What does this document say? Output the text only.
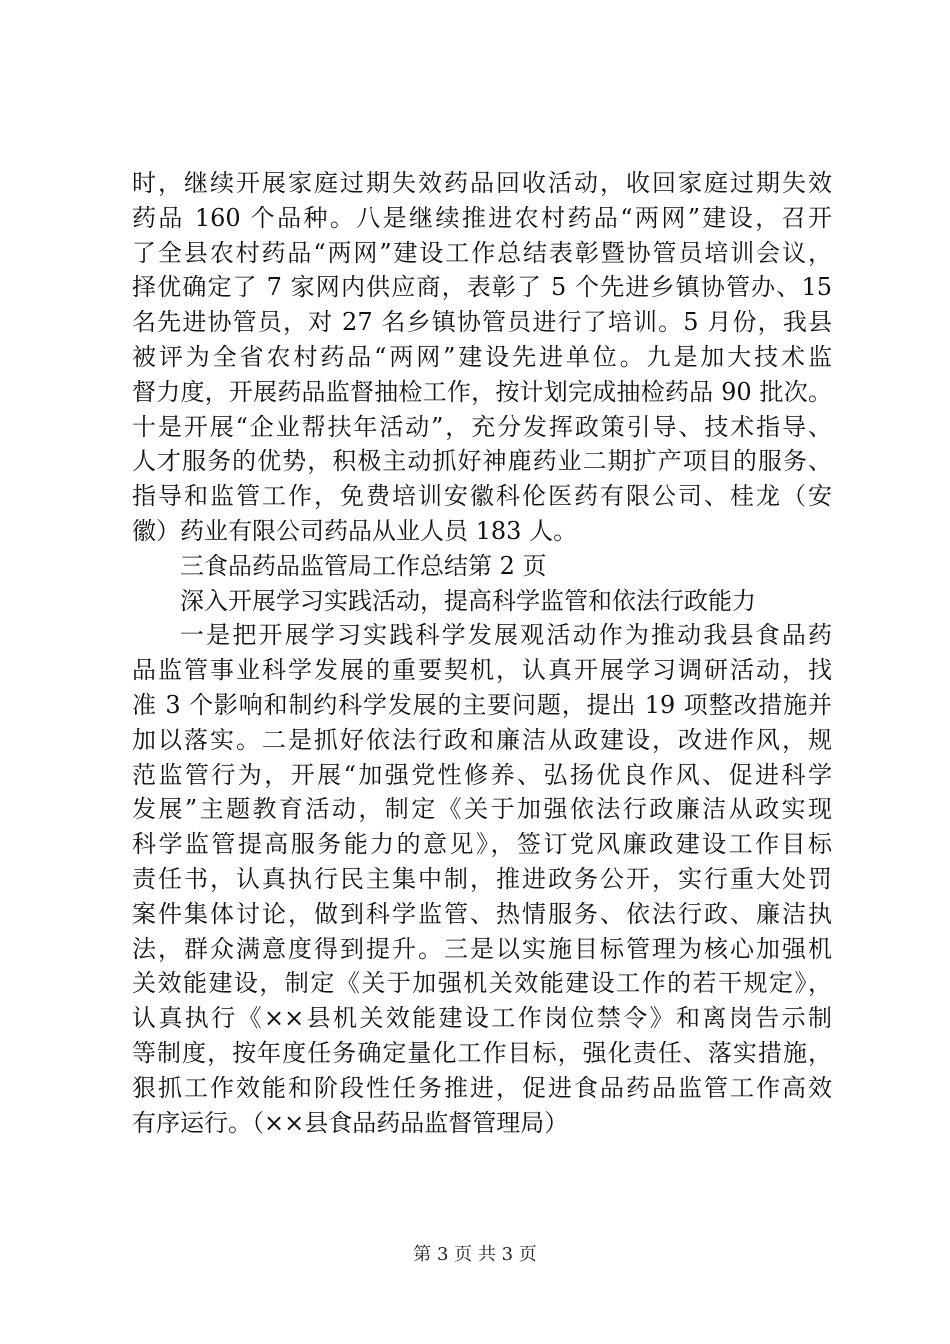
时，继续开展家庭过期失效药品回收活动，收回家庭过期失效
药品 160 个品种。八是继续推进农村药品“两网”建设，召开
了全县农村药品“两网”建设工作总结表彰暨协管员培训会议，
择优确定了 7 家网内供应商，表彰了 5 个先进乡镇协管办、15
名先进协管员，对 27 名乡镇协管员进行了培训。5 月份，我县
被评为全省农村药品“两网”建设先进单位。九是加大技术监
督力度，开展药品监督抽检工作，按计划完成抽检药品 90 批次。
十是开展“企业帮扶年活动”，充分发挥政策引导、技术指导、
人才服务的优势，积极主动抓好神鹿药业二期扩产项目的服务、
指导和监管工作，免费培训安徽科伦医药有限公司、桂龙（安
徽）药业有限公司药品从业人员 183 人。
三食品药品监管局工作总结第 2 页
深入开展学习实践活动，提高科学监管和依法行政能力
一是把开展学习实践科学发展观活动作为推动我县食品药
品监管事业科学发展的重要契机，认真开展学习调研活动，找
准 3 个影响和制约科学发展的主要问题，提出 19 项整改措施并
加以落实。二是抓好依法行政和廉洁从政建设，改进作风，规
范监管行为，开展“加强党性修养、弘扬优良作风、促进科学
发展”主题教育活动，制定《关于加强依法行政廉洁从政实现
科学监管提高服务能力的意见》，签订党风廉政建设工作目标
责任书，认真执行民主集中制，推进政务公开，实行重大处罚
案件集体讨论，做到科学监管、热情服务、依法行政、廉洁执
法，群众满意度得到提升。三是以实施目标管理为核心加强机
关效能建设，制定《关于加强机关效能建设工作的若干规定》，
认真执行《××县机关效能建设工作岗位禁令》和离岗告示制
等制度，按年度任务确定量化工作目标，强化责任、落实措施，
狠抓工作效能和阶段性任务推进，促进食品药品监管工作高效
有序运行。（××县食品药品监督管理局）
第 3 页 共 3 页
